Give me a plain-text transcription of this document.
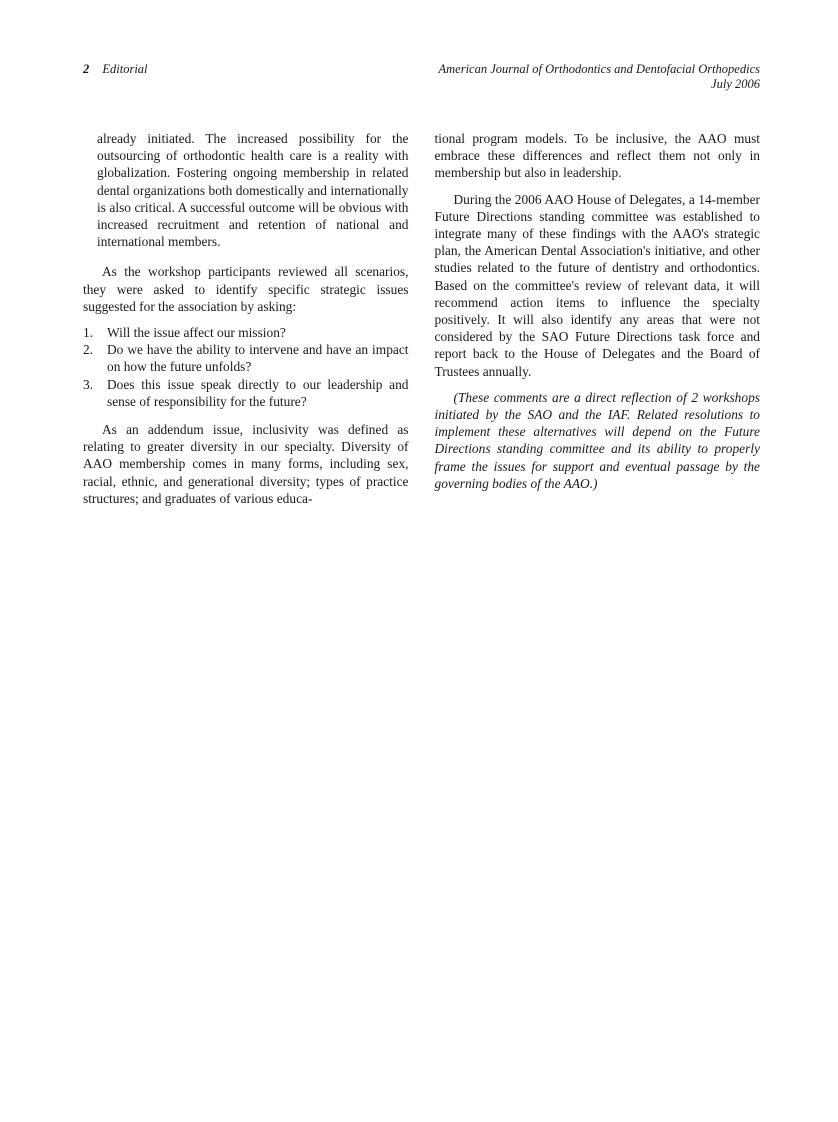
2 Editorial	American Journal of Orthodontics and Dentofacial Orthopedics
July 2006

already initiated. The increased possibility for the outsourcing of orthodontic health care is a reality with globalization. Fostering ongoing membership in related dental organizations both domestically and internationally is also critical. A successful outcome will be obvious with increased recruitment and retention of national and international members.

As the workshop participants reviewed all scenarios, they were asked to identify specific strategic issues suggested for the association by asking:

1.	Will the issue affect our mission?
2.	Do we have the ability to intervene and have an impact on how the future unfolds?
3.	Does this issue speak directly to our leadership and sense of responsibility for the future?

As an addendum issue, inclusivity was defined as relating to greater diversity in our specialty. Diversity of AAO membership comes in many forms, including sex, racial, ethnic, and generational diversity; types of practice structures; and graduates of various educa-

tional program models. To be inclusive, the AAO must embrace these differences and reflect them not only in membership but also in leadership.

During the 2006 AAO House of Delegates, a 14-member Future Directions standing committee was established to integrate many of these findings with the AAO's strategic plan, the American Dental Association's initiative, and other studies related to the future of dentistry and orthodontics. Based on the committee's review of relevant data, it will recommend action items to influence the specialty positively. It will also identify any areas that were not considered by the SAO Future Directions task force and report back to the House of Delegates and the Board of Trustees annually.

(These comments are a direct reflection of 2 workshops initiated by the SAO and the IAF. Related resolutions to implement these alternatives will depend on the Future Directions standing committee and its ability to properly frame the issues for support and eventual passage by the governing bodies of the AAO.)
